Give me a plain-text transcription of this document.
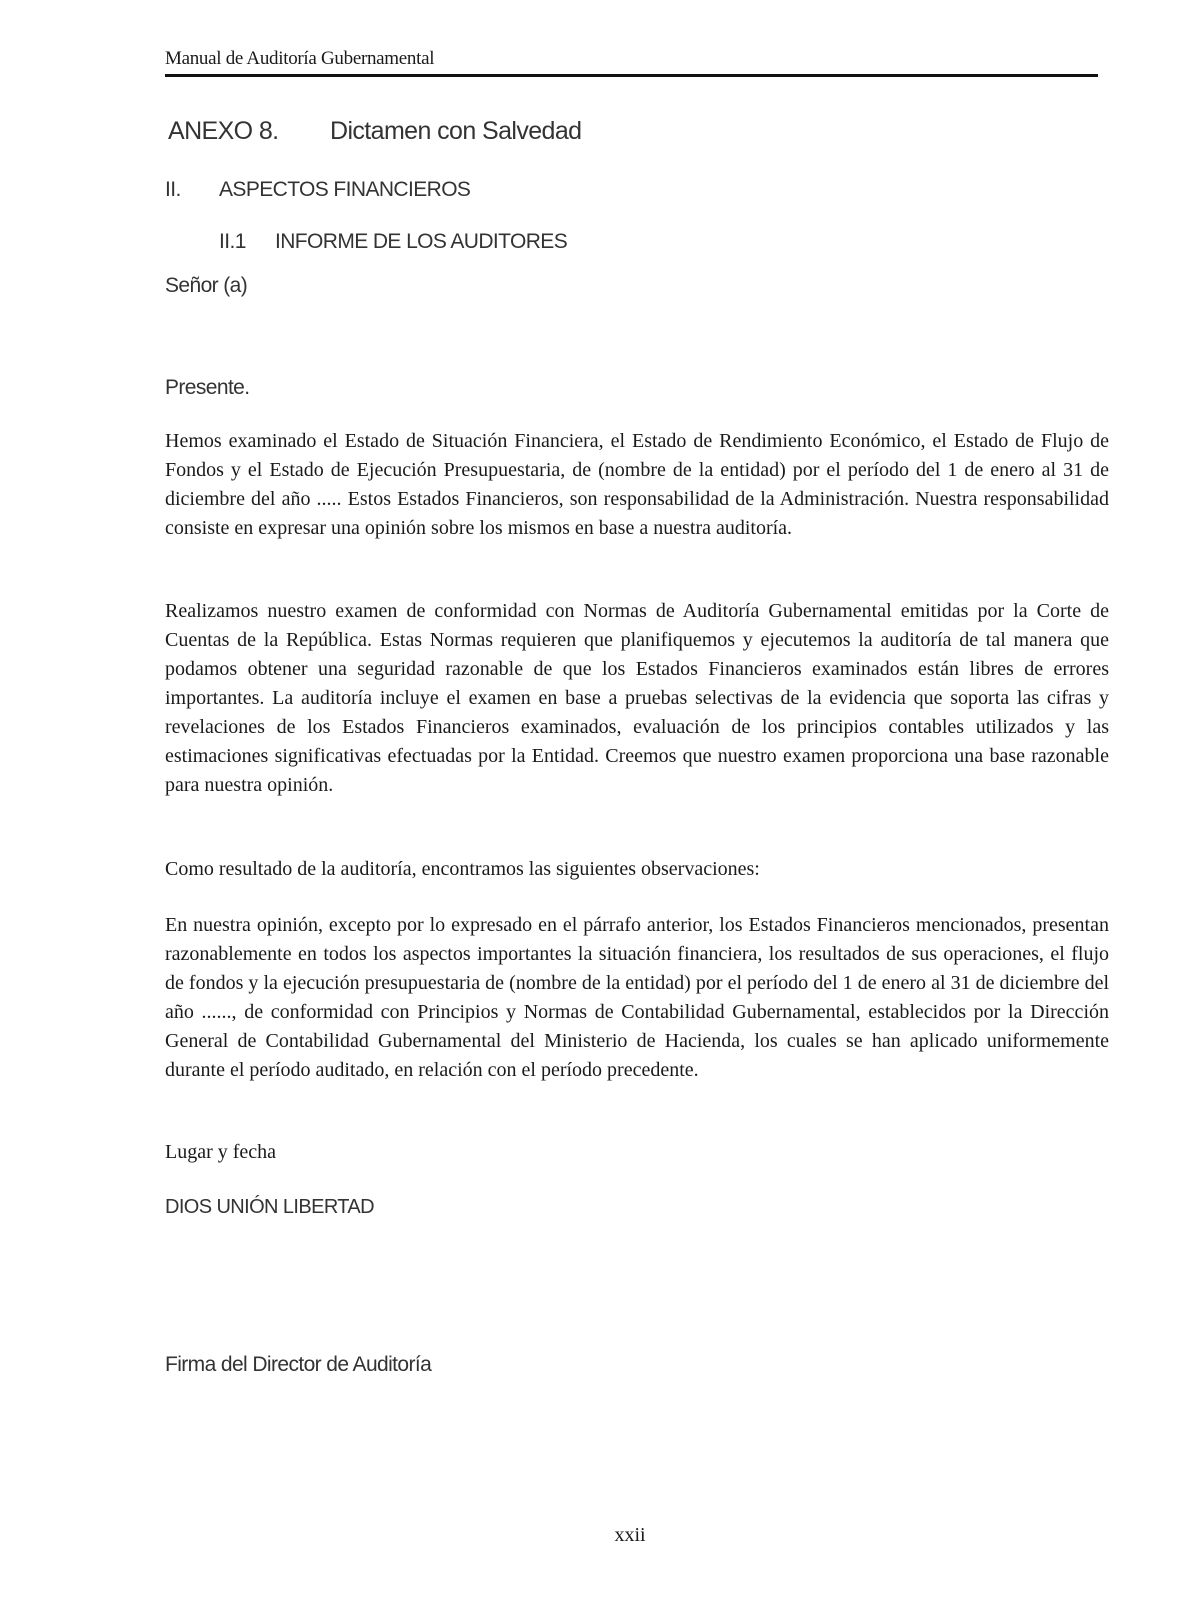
Manual de Auditoría Gubernamental
ANEXO 8. Dictamen con Salvedad
II. ASPECTOS FINANCIEROS
II.1 INFORME DE LOS AUDITORES
Señor (a)
Presente.

Hemos examinado el Estado de Situación Financiera, el Estado de Rendimiento Económico, el Estado de Flujo de Fondos y el Estado de Ejecución Presupuestaria, de (nombre de la entidad) por el período del 1 de enero al 31 de diciembre del año ..... Estos Estados Financieros, son responsabilidad de la Administración. Nuestra responsabilidad consiste en expresar una opinión sobre los mismos en base a nuestra auditoría.

Realizamos nuestro examen de conformidad con Normas de Auditoría Gubernamental emitidas por la Corte de Cuentas de la República. Estas Normas requieren que planifiquemos y ejecutemos la auditoría de tal manera que podamos obtener una seguridad razonable de que los Estados Financieros examinados están libres de errores importantes. La auditoría incluye el examen en base a pruebas selectivas de la evidencia que soporta las cifras y revelaciones de los Estados Financieros examinados, evaluación de los principios contables utilizados y las estimaciones significativas efectuadas por la Entidad. Creemos que nuestro examen proporciona una base razonable para nuestra opinión.

Como resultado de la auditoría, encontramos las siguientes observaciones:

En nuestra opinión, excepto por lo expresado en el párrafo anterior, los Estados Financieros mencionados, presentan razonablemente en todos los aspectos importantes la situación financiera, los resultados de sus operaciones, el flujo de fondos y la ejecución presupuestaria de (nombre de la entidad) por el período del 1 de enero al 31 de diciembre del año ......, de conformidad con Principios y Normas de Contabilidad Gubernamental, establecidos por la Dirección General de Contabilidad Gubernamental del Ministerio de Hacienda, los cuales se han aplicado uniformemente durante el período auditado, en relación con el período precedente.

Lugar y fecha
DIOS UNIÓN LIBERTAD
Firma del Director de Auditoría
xxii
